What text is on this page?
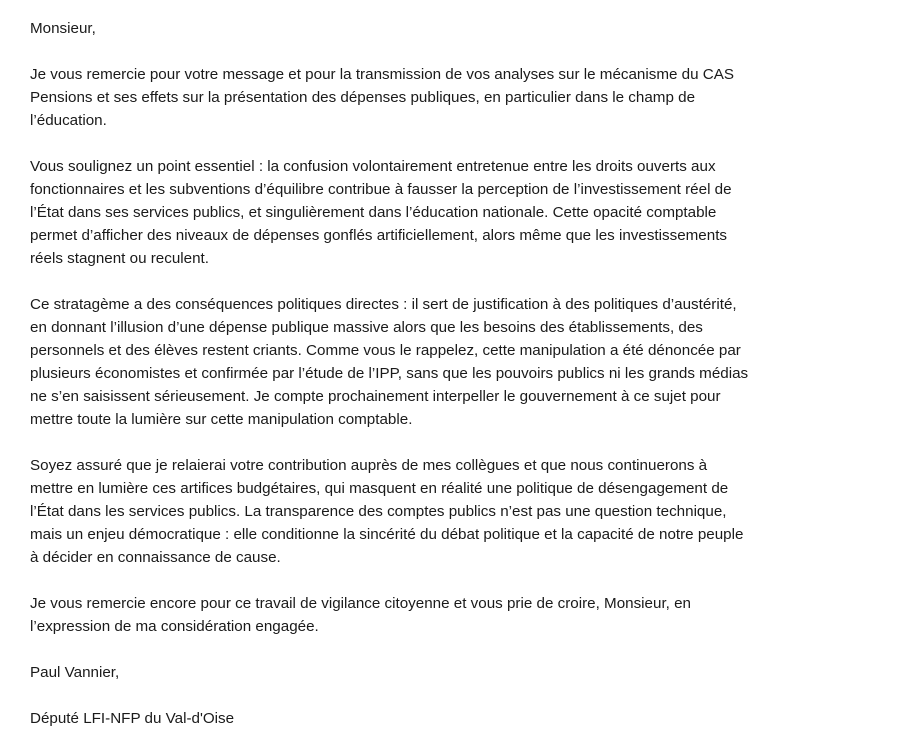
Monsieur,

Je vous remercie pour votre message et pour la transmission de vos analyses sur le mécanisme du CAS
Pensions et ses effets sur la présentation des dépenses publiques, en particulier dans le champ de
l’éducation.

Vous soulignez un point essentiel : la confusion volontairement entretenue entre les droits ouverts aux
fonctionnaires et les subventions d’équilibre contribue à fausser la perception de l’investissement réel de
l’État dans ses services publics, et singulièrement dans l’éducation nationale. Cette opacité comptable
permet d’afficher des niveaux de dépenses gonflés artificiellement, alors même que les investissements
réels stagnent ou reculent.

Ce stratagème a des conséquences politiques directes : il sert de justification à des politiques d’austérité,
en donnant l’illusion d’une dépense publique massive alors que les besoins des établissements, des
personnels et des élèves restent criants. Comme vous le rappelez, cette manipulation a été dénoncée par
plusieurs économistes et confirmée par l’étude de l’IPP, sans que les pouvoirs publics ni les grands médias
ne s’en saisissent sérieusement. Je compte prochainement interpeller le gouvernement à ce sujet pour
mettre toute la lumière sur cette manipulation comptable.

Soyez assuré que je relaierai votre contribution auprès de mes collègues et que nous continuerons à
mettre en lumière ces artifices budgétaires, qui masquent en réalité une politique de désengagement de
l’État dans les services publics. La transparence des comptes publics n’est pas une question technique,
mais un enjeu démocratique : elle conditionne la sincérité du débat politique et la capacité de notre peuple
à décider en connaissance de cause.

Je vous remercie encore pour ce travail de vigilance citoyenne et vous prie de croire, Monsieur, en
l’expression de ma considération engagée.

Paul Vannier,

Député LFI-NFP du Val-d'Oise
